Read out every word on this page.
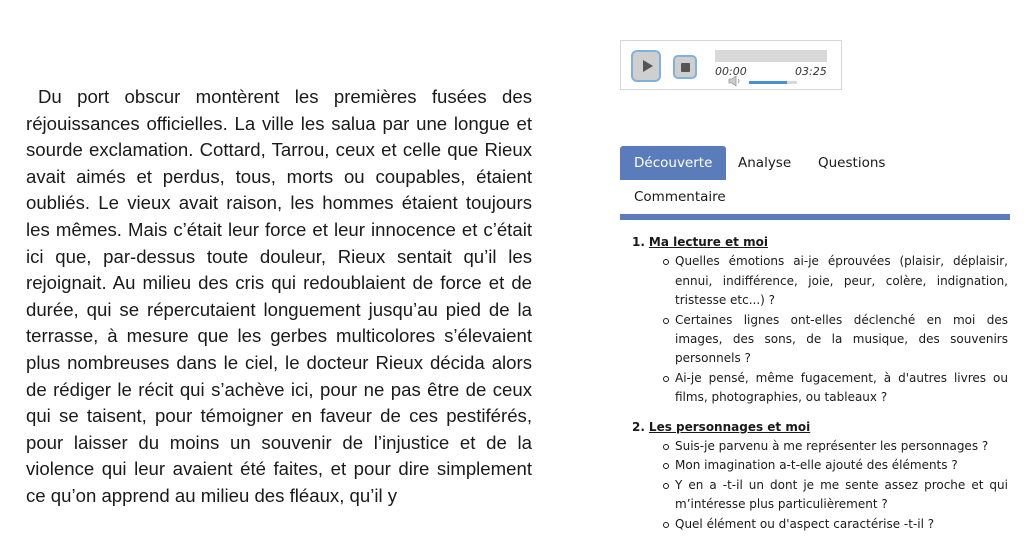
Du port obscur montèrent les premières fusées des réjouissances officielles. La ville les salua par une longue et sourde exclamation. Cottard, Tarrou, ceux et celle que Rieux avait aimés et perdus, tous, morts ou coupables, étaient oubliés. Le vieux avait raison, les hommes étaient toujours les mêmes. Mais c’était leur force et leur innocence et c’était ici que, par-dessus toute douleur, Rieux sentait qu’il les rejoignait. Au milieu des cris qui redoublaient de force et de durée, qui se répercutaient longuement jusqu’au pied de la terrasse, à mesure que les gerbes multicolores s’élevaient plus nombreuses dans le ciel, le docteur Rieux décida alors de rédiger le récit qui s’achève ici, pour ne pas être de ceux qui se taisent, pour témoigner en faveur de ces pestiférés, pour laisser du moins un souvenir de l’injustice et de la violence qui leur avaient été faites, et pour dire simplement ce qu’on apprend au milieu des fléaux, qu’il y

00:00	03:25
Découverte	Analyse Questions
Commentaire
1. Ma lecture et moi
Quelles émotions ai-je éprouvées (plaisir, déplaisir, ennui, indifférence, joie, peur, colère, indignation, tristesse etc...) ?
Certaines lignes ont-elles déclenché en moi des images, des sons, de la musique, des souvenirs personnels ?
Ai-je pensé, même fugacement, à d'autres livres ou films, photographies, ou tableaux ?
2. Les personnages et moi
Suis-je parvenu à me représenter les personnages ?
Mon imagination a-t-elle ajouté des éléments ?
Y en a -t-il un dont je me sente assez proche et qui m’intéresse plus particulièrement ?
Quel élément ou d'aspect caractérise -t-il ?
